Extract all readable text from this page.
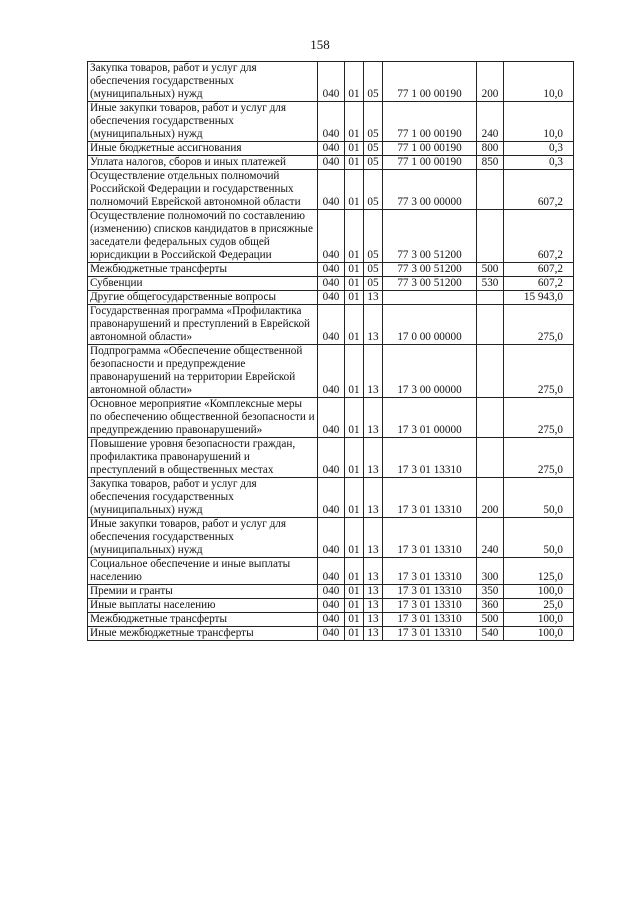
158
Закупка товаров, работ и услуг для обеспечения государственных (муниципальных) нужд	040	01	05	77 1 00 00190	200	10,0
Иные закупки товаров, работ и услуг для обеспечения государственных (муниципальных) нужд	040	01	05	77 1 00 00190	240	10,0
Иные бюджетные ассигнования	040	01	05	77 1 00 00190	800	0,3
Уплата налогов, сборов и иных платежей	040	01	05	77 1 00 00190	850	0,3
Осуществление отдельных полномочий Российской Федерации и государственных полномочий Еврейской автономной области	040	01	05	77 3 00 00000		607,2
Осуществление полномочий по составлению (изменению) списков кандидатов в присяжные заседатели федеральных судов общей юрисдикции в Российской Федерации	040	01	05	77 3 00 51200		607,2
Межбюджетные трансферты	040	01	05	77 3 00 51200	500	607,2
Субвенции	040	01	05	77 3 00 51200	530	607,2
Другие общегосударственные вопросы	040	01	13			15 943,0
Государственная программа «Профилактика правонарушений и преступлений в Еврейской автономной области»	040	01	13	17 0 00 00000		275,0
Подпрограмма «Обеспечение общественной безопасности и предупреждение правонарушений на территории Еврейской автономной области»	040	01	13	17 3 00 00000		275,0
Основное мероприятие «Комплексные меры по обеспечению общественной безопасности и предупреждению правонарушений»	040	01	13	17 3 01 00000		275,0
Повышение уровня безопасности граждан, профилактика правонарушений и преступлений в общественных местах	040	01	13	17 3 01 13310		275,0
Закупка товаров, работ и услуг для обеспечения государственных (муниципальных) нужд	040	01	13	17 3 01 13310	200	50,0
Иные закупки товаров, работ и услуг для обеспечения государственных (муниципальных) нужд	040	01	13	17 3 01 13310	240	50,0
Социальное обеспечение и иные выплаты населению	040	01	13	17 3 01 13310	300	125,0
Премии и гранты	040	01	13	17 3 01 13310	350	100,0
Иные выплаты населению	040	01	13	17 3 01 13310	360	25,0
Межбюджетные трансферты	040	01	13	17 3 01 13310	500	100,0
Иные межбюджетные трансферты	040	01	13	17 3 01 13310	540	100,0
